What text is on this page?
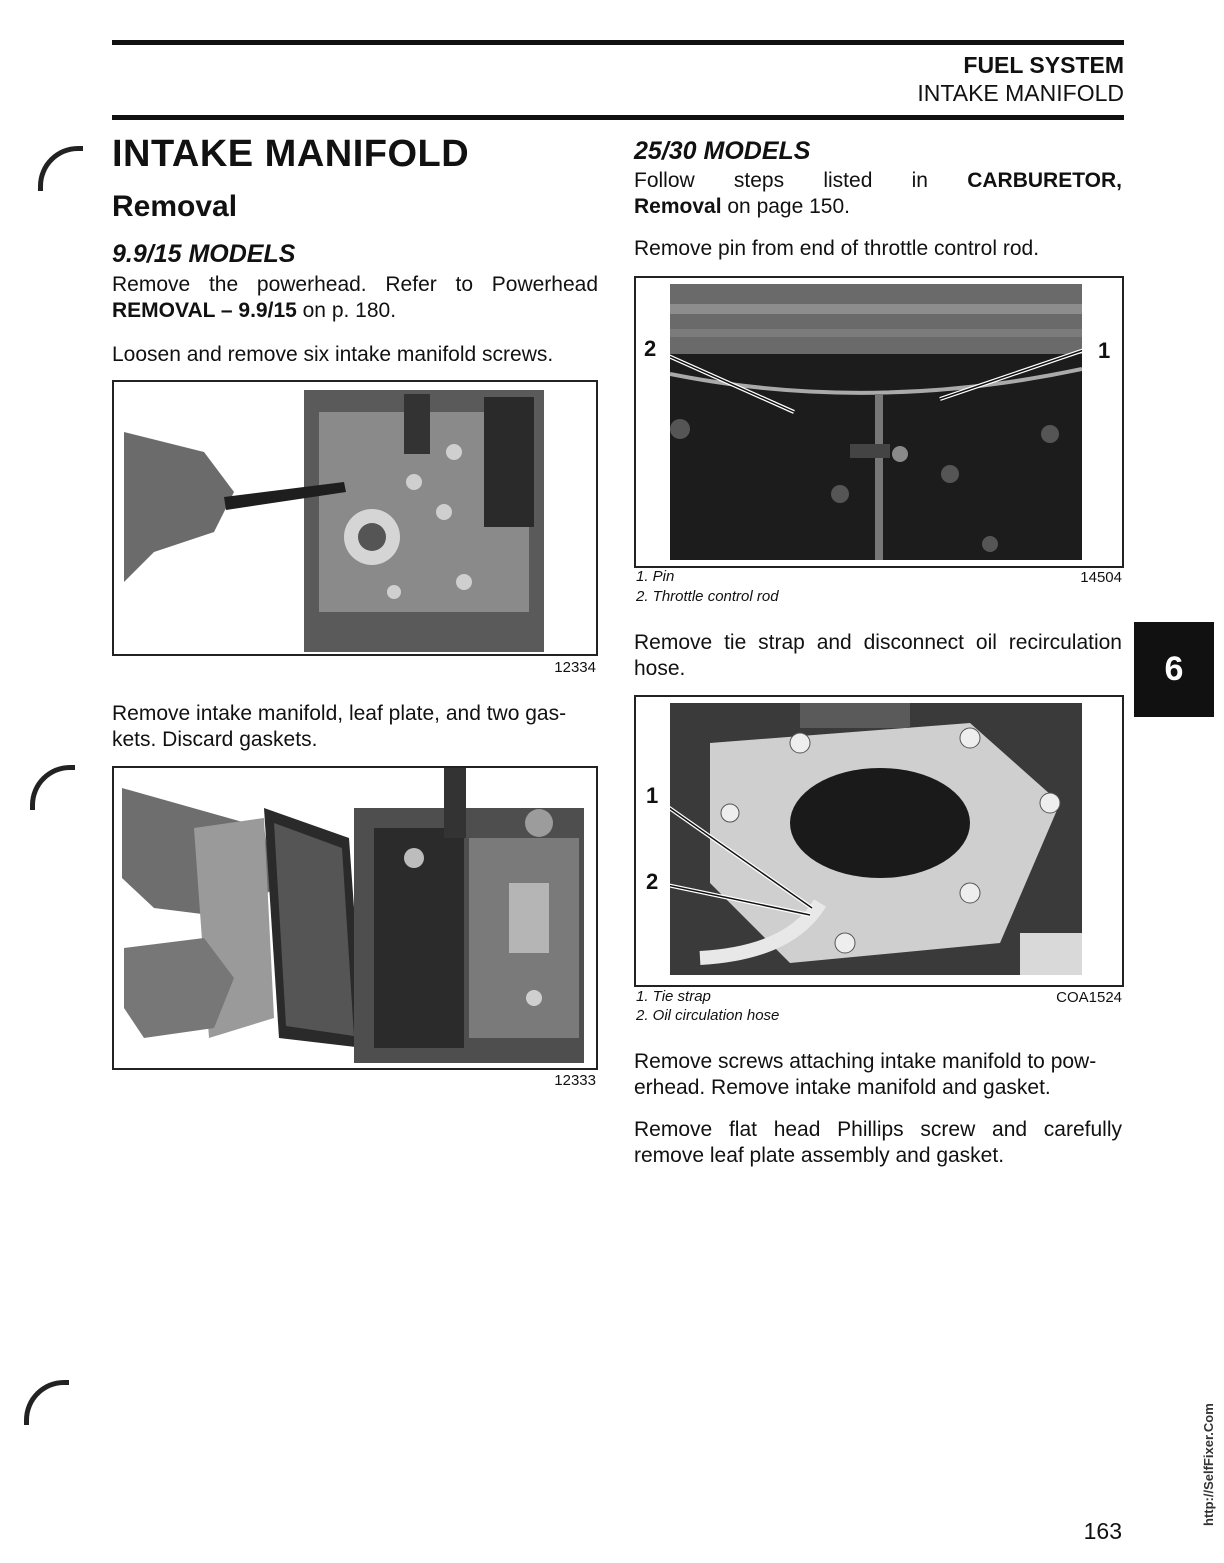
FUEL SYSTEM
INTAKE MANIFOLD
INTAKE MANIFOLD
Removal
9.9/15 MODELS
Remove the powerhead. Refer to Powerhead
REMOVAL – 9.9/15 on p. 180.
Loosen and remove six intake manifold screws.
12334
Remove intake manifold, leaf plate, and two gas-
kets. Discard gaskets.
12333
25/30 MODELS
Follow steps listed in CARBURETOR,
Removal on page 150.
Remove pin from end of throttle control rod.
2	1
1. Pin
2. Throttle control rod
14504
Remove tie strap and disconnect oil recirculation
hose.
1
2
1. Tie strap
2. Oil circulation hose
COA1524
Remove screws attaching intake manifold to pow-
erhead. Remove intake manifold and gasket.
Remove flat head Phillips screw and carefully
remove leaf plate assembly and gasket.
6
http://SelfFixer.Com
163
